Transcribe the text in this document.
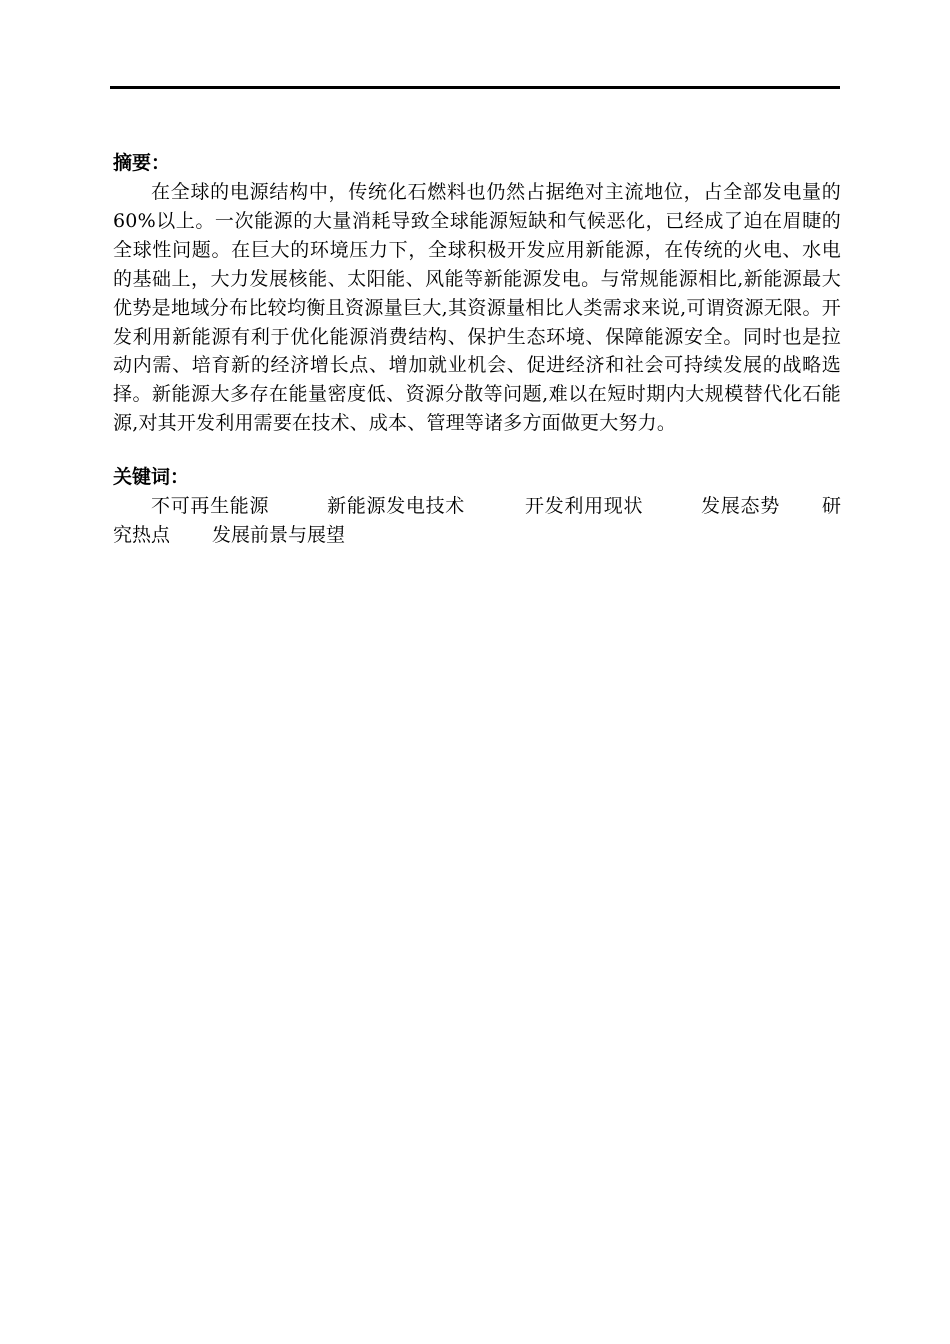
摘要：

在全球的电源结构中，传统化石燃料也仍然占据绝对主流地位，占全部发电量的 60%以上。一次能源的大量消耗导致全球能源短缺和气候恶化，已经成了迫在眉睫的全球性问题。在巨大的环境压力下，全球积极开发应用新能源，在传统的火电、水电的基础上，大力发展核能、太阳能、风能等新能源发电。与常规能源相比,新能源最大优势是地域分布比较均衡且资源量巨大,其资源量相比人类需求来说,可谓资源无限。开发利用新能源有利于优化能源消费结构、保护生态环境、保障能源安全。同时也是拉动内需、培育新的经济增长点、增加就业机会、促进经济和社会可持续发展的战略选择。新能源大多存在能量密度低、资源分散等问题,难以在短时期内大规模替代化石能源,对其开发利用需要在技术、成本、管理等诸多方面做更大努力。

关键词：

不可再生能源	新能源发电技术	开发利用现状	发展态势 研究热点 发展前景与展望
